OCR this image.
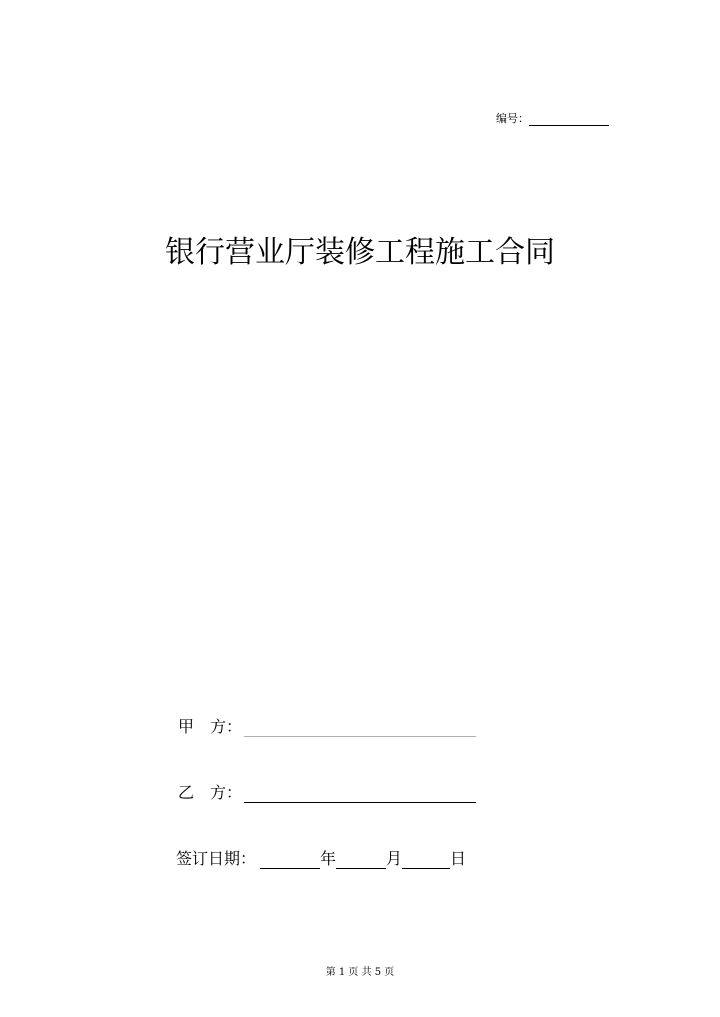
编号：
银行营业厅装修工程施工合同
甲　方：
乙　方：
签订日期：	年	月	日
第 1 页 共 5 页
